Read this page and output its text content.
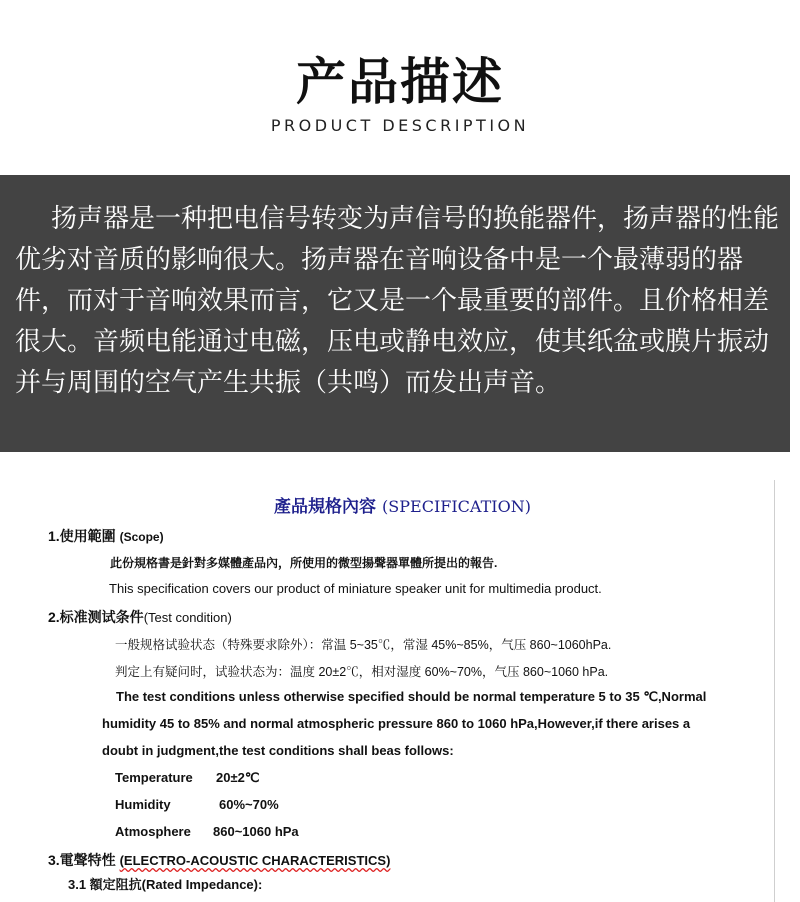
产品描述
PRODUCT DESCRIPTION

扬声器是一种把电信号转变为声信号的换能器件，扬声器的性能优劣对音质的影响很大。扬声器在音响设备中是一个最薄弱的器件，而对于音响效果而言，它又是一个最重要的部件。且价格相差很大。音频电能通过电磁，压电或静电效应，使其纸盆或膜片振动并与周围的空气产生共振（共鸣）而发出声音。

產品規格內容 (SPECIFICATION)
1.使用範圍 (Scope)
此份規格書是針對多媒體產品內，所使用的微型揚聲器單體所提出的報告.
This specification covers our product of miniature speaker unit for multimedia product.
2.标准测试条件(Test condition)
一般规格试验状态（特殊要求除外）：常温 5~35℃，常湿 45%~85%，气压 860~1060hPa.
判定上有疑问时，试验状态为：温度 20±2℃，相对湿度 60%~70%，气压 860~1060 hPa.
The test conditions unless otherwise specified should be normal temperature 5 to 35 ℃,Normal
humidity 45 to 85% and normal atmospheric pressure 860 to 1060 hPa,However,if there arises a
doubt in judgment,the test conditions shall beas follows:
Temperature 20±2℃
Humidity	60%~70%
Atmosphere 860~1060 hPa
3.電聲特性 (ELECTRO-ACOUSTIC CHARACTERISTICS)
3.1 額定阻抗(Rated Impedance):
